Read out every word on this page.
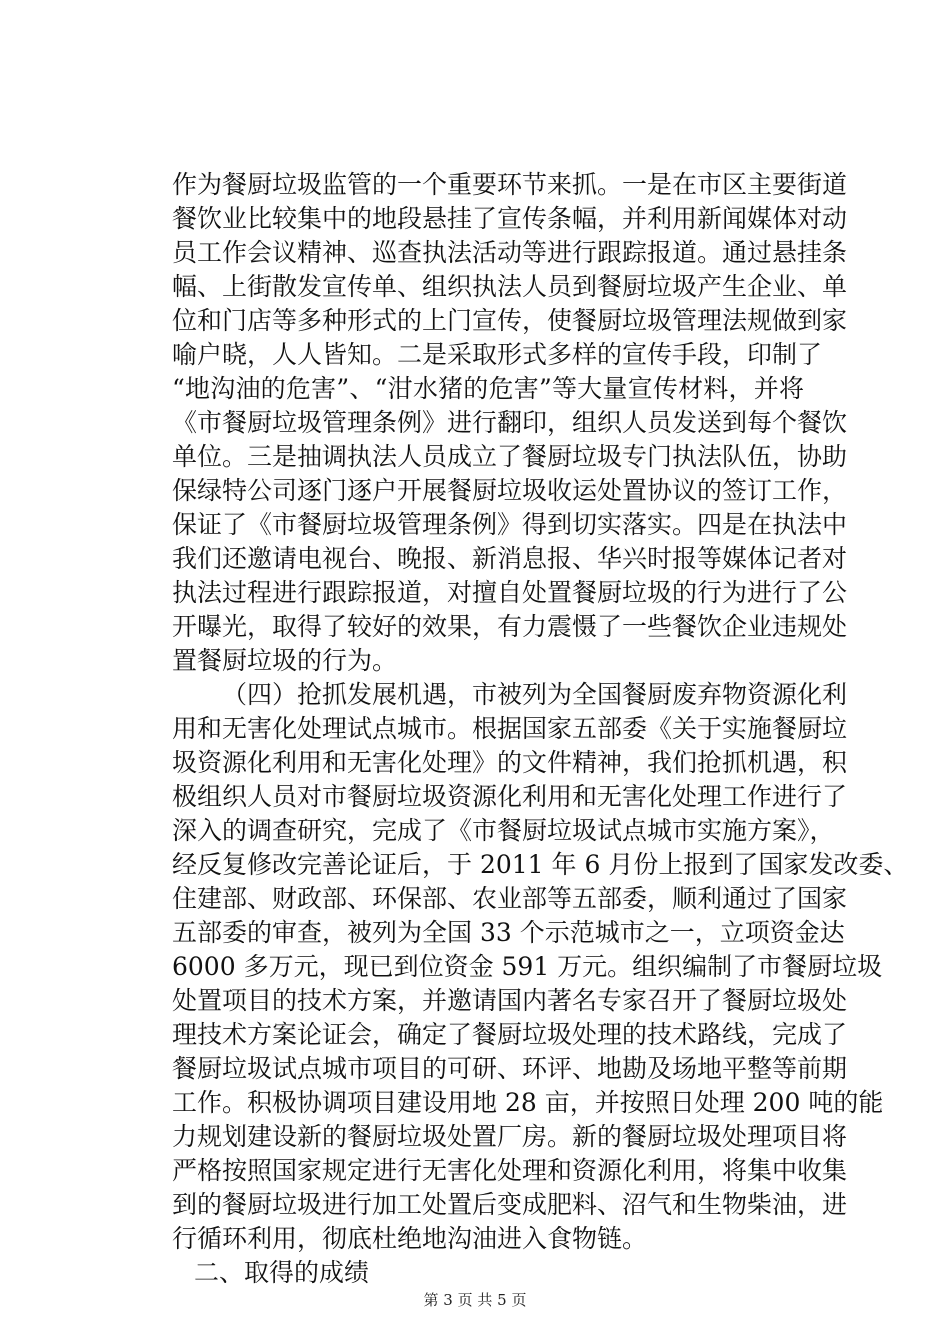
作为餐厨垃圾监管的一个重要环节来抓。一是在市区主要街道
餐饮业比较集中的地段悬挂了宣传条幅，并利用新闻媒体对动
员工作会议精神、巡查执法活动等进行跟踪报道。通过悬挂条
幅、上街散发宣传单、组织执法人员到餐厨垃圾产生企业、单
位和门店等多种形式的上门宣传，使餐厨垃圾管理法规做到家
喻户晓，人人皆知。二是采取形式多样的宣传手段，印制了
“地沟油的危害”、“泔水猪的危害”等大量宣传材料，并将
《市餐厨垃圾管理条例》进行翻印，组织人员发送到每个餐饮
单位。三是抽调执法人员成立了餐厨垃圾专门执法队伍，协助
保绿特公司逐门逐户开展餐厨垃圾收运处置协议的签订工作，
保证了《市餐厨垃圾管理条例》得到切实落实。四是在执法中
我们还邀请电视台、晚报、新消息报、华兴时报等媒体记者对
执法过程进行跟踪报道，对擅自处置餐厨垃圾的行为进行了公
开曝光，取得了较好的效果，有力震慑了一些餐饮企业违规处
置餐厨垃圾的行为。
（四）抢抓发展机遇，市被列为全国餐厨废弃物资源化利
用和无害化处理试点城市。根据国家五部委《关于实施餐厨垃
圾资源化利用和无害化处理》的文件精神，我们抢抓机遇，积
极组织人员对市餐厨垃圾资源化利用和无害化处理工作进行了
深入的调查研究，完成了《市餐厨垃圾试点城市实施方案》，
经反复修改完善论证后，于 2011 年 6 月份上报到了国家发改委、
住建部、财政部、环保部、农业部等五部委，顺利通过了国家
五部委的审查，被列为全国 33 个示范城市之一，立项资金达
6000 多万元，现已到位资金 591 万元。组织编制了市餐厨垃圾
处置项目的技术方案，并邀请国内著名专家召开了餐厨垃圾处
理技术方案论证会，确定了餐厨垃圾处理的技术路线，完成了
餐厨垃圾试点城市项目的可研、环评、地勘及场地平整等前期
工作。积极协调项目建设用地 28 亩，并按照日处理 200 吨的能
力规划建设新的餐厨垃圾处置厂房。新的餐厨垃圾处理项目将
严格按照国家规定进行无害化处理和资源化利用，将集中收集
到的餐厨垃圾进行加工处置后变成肥料、沼气和生物柴油，进
行循环利用，彻底杜绝地沟油进入食物链。
二、取得的成绩
第 3 页 共 5 页
